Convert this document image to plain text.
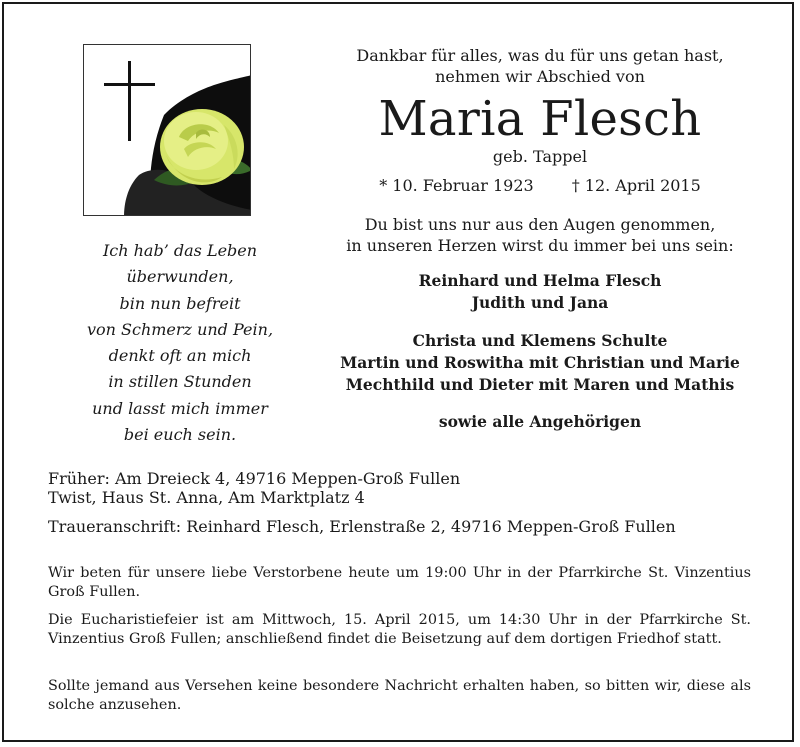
Ich hab’ das Leben
überwunden,
bin nun befreit
von Schmerz und Pein,
denkt oft an mich
in stillen Stunden
und lasst mich immer
bei euch sein.
Dankbar für alles, was du für uns getan hast,
nehmen wir Abschied von
Maria Flesch
geb. Tappel
* 10. Februar 1923 † 12. April 2015
Du bist uns nur aus den Augen genommen,
in unseren Herzen wirst du immer bei uns sein:
Reinhard und Helma Flesch
Judith und Jana
Christa und Klemens Schulte
Martin und Roswitha mit Christian und Marie
Mechthild und Dieter mit Maren und Mathis
sowie alle Angehörigen
Früher: Am Dreieck 4, 49716 Meppen-Groß Fullen
Twist, Haus St. Anna, Am Marktplatz 4
Traueranschrift: Reinhard Flesch, Erlenstraße 2, 49716 Meppen-Groß Fullen

Wir beten für unsere liebe Verstorbene heute um 19:00 Uhr in der Pfarrkirche St. Vinzentius Groß Fullen.

Die Eucharistiefeier ist am Mittwoch, 15. April 2015, um 14:30 Uhr in der Pfarrkirche St. Vinzentius Groß Fullen; anschließend findet die Beisetzung auf dem dortigen Friedhof statt.

Sollte jemand aus Versehen keine besondere Nachricht erhalten haben, so bitten wir, diese als solche anzusehen.
